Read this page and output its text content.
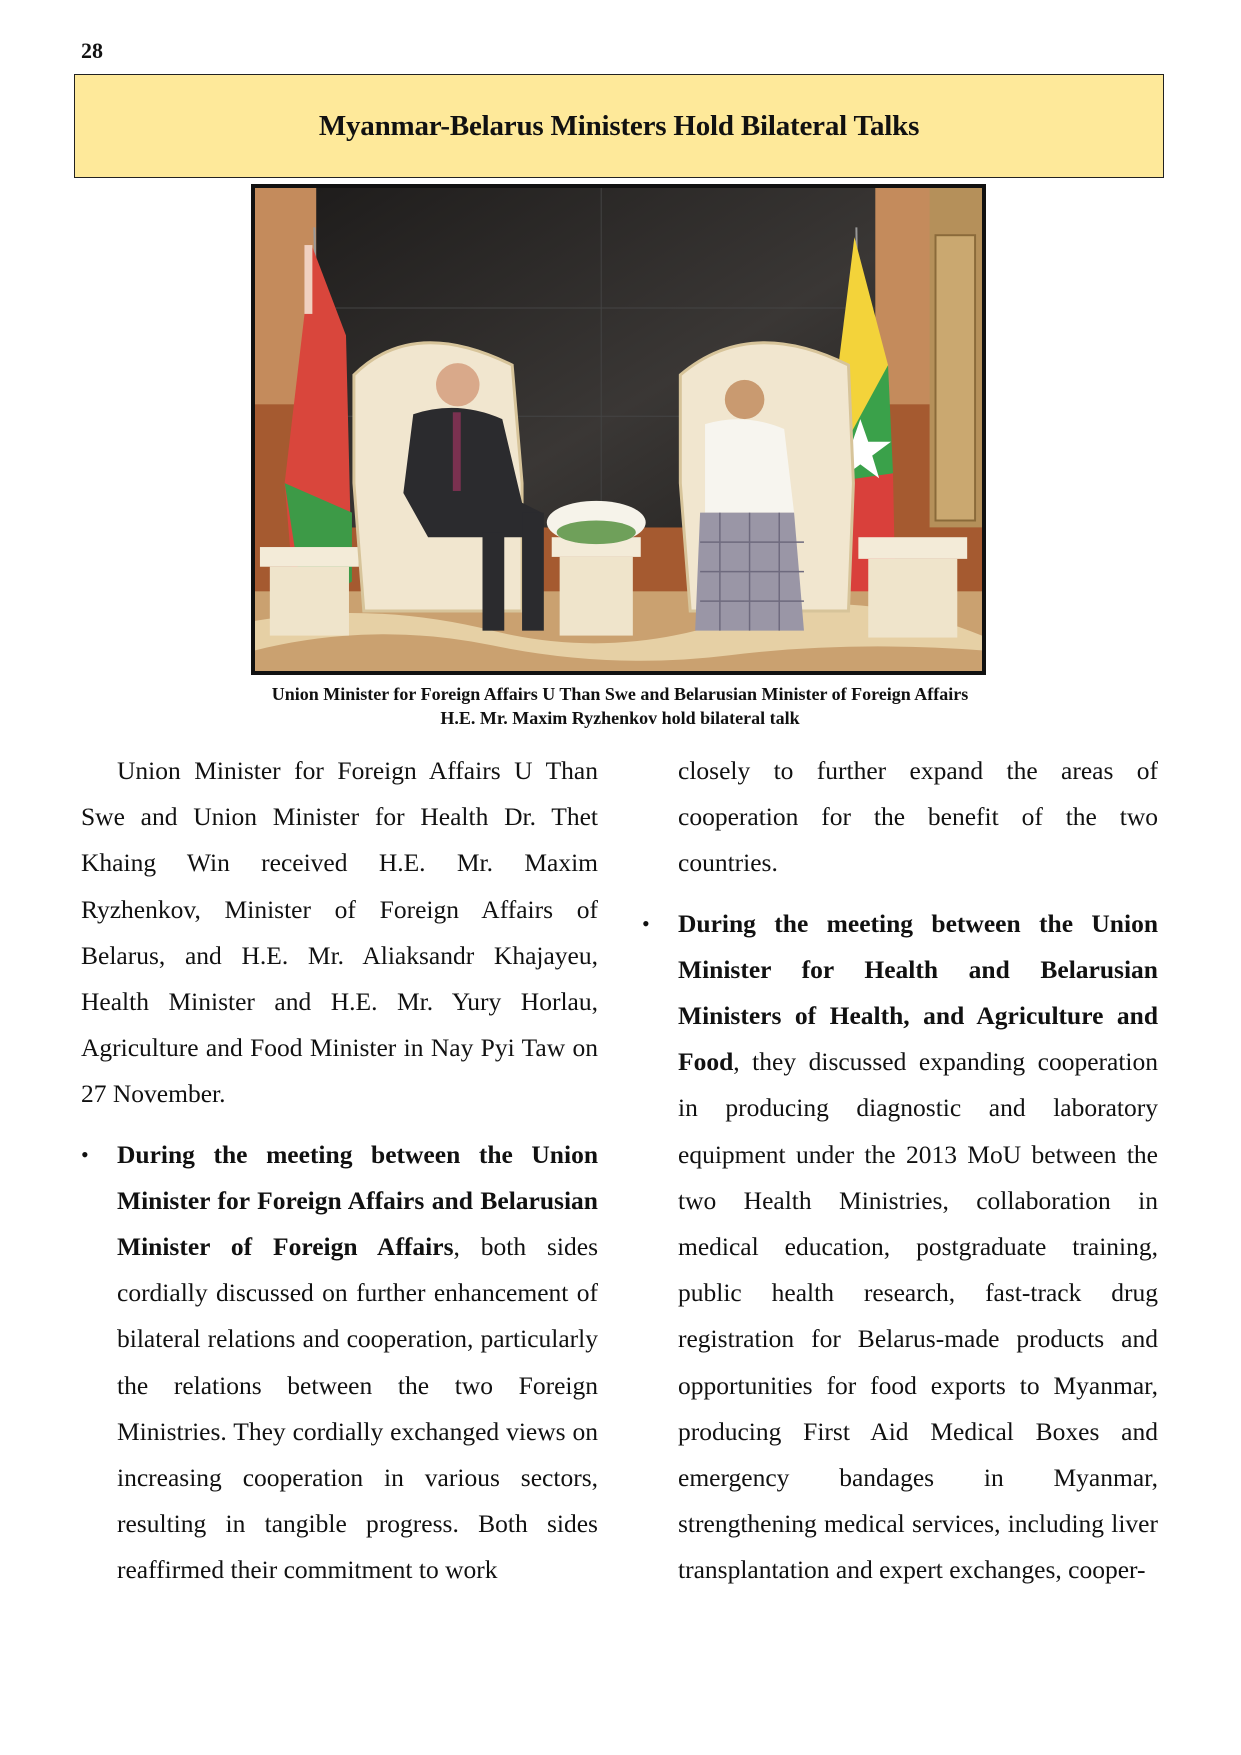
28
Myanmar-Belarus Ministers Hold Bilateral Talks
Union Minister for Foreign Affairs U Than Swe and Belarusian Minister of Foreign Affairs
H.E. Mr. Maxim Ryzhenkov hold bilateral talk

Union Minister for Foreign Affairs U Than Swe and Union Minister for Health Dr. Thet Khaing Win received H.E. Mr. Maxim Ryzhenkov, Minister of Foreign Affairs of Belarus, and H.E. Mr. Aliaksandr Khajayeu, Health Minister and H.E. Mr. Yury Horlau, Agriculture and Food Minister in Nay Pyi Taw on 27 November.

•	During the meeting between the Union Minister for Foreign Affairs and Belarusian Minister of Foreign Affairs, both sides cordially discussed on further enhancement of bilateral relations and cooperation, particularly the relations between the two Foreign Ministries. They cordially exchanged views on increasing cooperation in various sectors, resulting in tangible progress. Both sides reaffirmed their commitment to work

closely to further expand the areas of cooperation for the benefit of the two countries.

•	During the meeting between the Union Minister for Health and Belarusian Ministers of Health, and Agriculture and Food, they discussed expanding cooperation in producing diagnostic and laboratory equipment under the 2013 MoU between the two Health Ministries, collaboration in medical education, postgraduate training, public health research, fast-track drug registration for Belarus-made products and opportunities for food exports to Myanmar, producing First Aid Medical Boxes and emergency bandages in Myanmar, strengthening medical services, including liver transplantation and expert exchanges, cooper-
